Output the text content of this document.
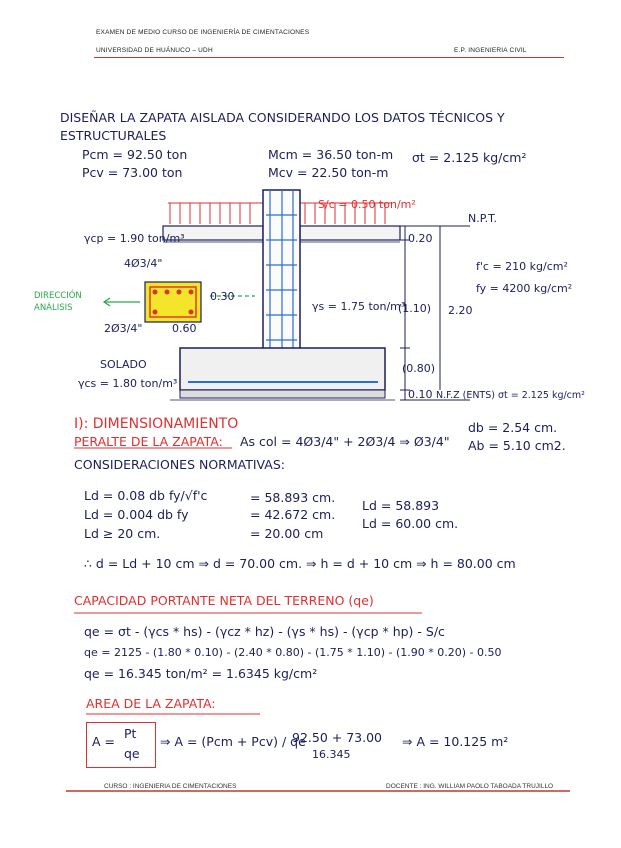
EXAMEN DE MEDIO CURSO DE INGENIERÍA DE CIMENTACIONES
UNIVERSIDAD DE HUÁNUCO – UDH	E.P. INGENIERIA CIVIL
DISEÑAR LA ZAPATA AISLADA CONSIDERANDO LOS DATOS TÉCNICOS Y
ESTRUCTURALES
Pcm = 92.50 ton
Pcv = 73.00 ton
Mcm = 36.50 ton-m
Mcv = 22.50 ton-m
σt = 2.125 kg/cm²
S/c = 0.50 ton/m²
N.P.T.
γcp = 1.90 ton/m³
4Ø3/4"
0.30
2Ø3/4"	0.60
γs = 1.75 ton/m³
0.20
(1.10) 2.20
(0.80)
0.10
f'c = 210 kg/cm²
fy = 4200 kg/cm²
DIRECCIÓN ANÁLISIS
SOLADO
γcs = 1.80 ton/m³
N.F.Z (ENTS) σt = 2.125 kg/cm²
I): DIMENSIONAMIENTO
PERALTE DE LA ZAPATA: As col = 4Ø3/4" + 2Ø3/4 ⇒ Ø3/4"
db = 2.54 cm.
Ab = 5.10 cm2.
CONSIDERACIONES NORMATIVAS:
Ld = 0.08 db fy/√f'c	= 58.893 cm.
Ld = 0.004 db fy	= 42.672 cm.
Ld ≥ 20 cm.	= 20.00 cm
Ld = 58.893
Ld = 60.00 cm.
∴ d = Ld + 10 cm ⇒ d = 70.00 cm. ⇒ h = d + 10 cm ⇒ h = 80.00 cm
CAPACIDAD PORTANTE NETA DEL TERRENO (qe)
qe = σt - (γcs * hs) - (γcz * hz) - (γs * hs) - (γcp * hp) - S/c
qe = 2125 - (1.80 * 0.10) - (2.40 * 0.80) - (1.75 * 1.10) - (1.90 * 0.20) - 0.50
qe = 16.345 ton/m² = 1.6345 kg/cm²
AREA DE LA ZAPATA:
A =
Pt
qe
⇒ A = (Pcm + Pcv) / qe
92.50 + 73.00
16.345
⇒ A = 10.125 m²
CURSO : INGENIERIA DE CIMENTACIONES	DOCENTE : ING. WILLIAM PAOLO TABOADA TRUJILLO
